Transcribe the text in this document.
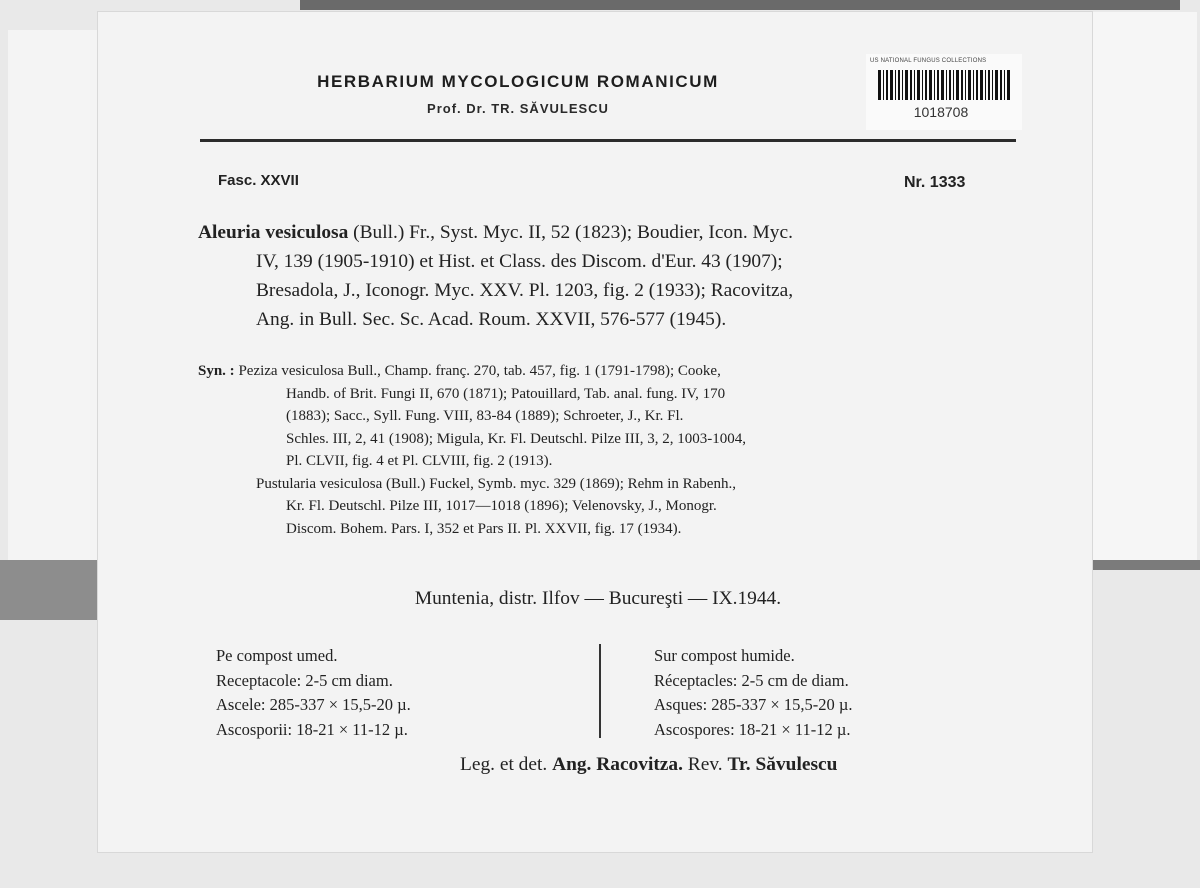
HERBARIUM MYCOLOGICUM ROMANICUM
Prof. Dr. TR. SĂVULESCU
US NATIONAL FUNGUS COLLECTIONS
1018708
Fasc. XXVII	Nr. 1333
Aleuria vesiculosa (Bull.) Fr., Syst. Myc. II, 52 (1823); Boudier, Icon. Myc.
IV, 139 (1905-1910) et Hist. et Class. des Discom. d'Eur. 43 (1907);
Bresadola, J., Iconogr. Myc. XXV. Pl. 1203, fig. 2 (1933); Racovitza,
Ang. in Bull. Sec. Sc. Acad. Roum. XXVII, 576-577 (1945).
Syn. : Peziza vesiculosa Bull., Champ. franç. 270, tab. 457, fig. 1 (1791-1798); Cooke,
Handb. of Brit. Fungi II, 670 (1871); Patouillard, Tab. anal. fung. IV, 170
(1883); Sacc., Syll. Fung. VIII, 83-84 (1889); Schroeter, J., Kr. Fl.
Schles. III, 2, 41 (1908); Migula, Kr. Fl. Deutschl. Pilze III, 3, 2, 1003-1004,
Pl. CLVII, fig. 4 et Pl. CLVIII, fig. 2 (1913).
Pustularia vesiculosa (Bull.) Fuckel, Symb. myc. 329 (1869); Rehm in Rabenh.,
Kr. Fl. Deutschl. Pilze III, 1017—1018 (1896); Velenovsky, J., Monogr.
Discom. Bohem. Pars. I, 352 et Pars II. Pl. XXVII, fig. 17 (1934).
Muntenia, distr. Ilfov — Bucureşti — IX.1944.
Pe compost umed.
Receptacole: 2-5 cm diam.
Ascele: 285-337 × 15,5-20 µ.
Ascosporii: 18-21 × 11-12 µ.
Sur compost humide.
Réceptacles: 2-5 cm de diam.
Asques: 285-337 × 15,5-20 µ.
Ascospores: 18-21 × 11-12 µ.
Leg. et det. Ang. Racovitza. Rev. Tr. Săvulescu
